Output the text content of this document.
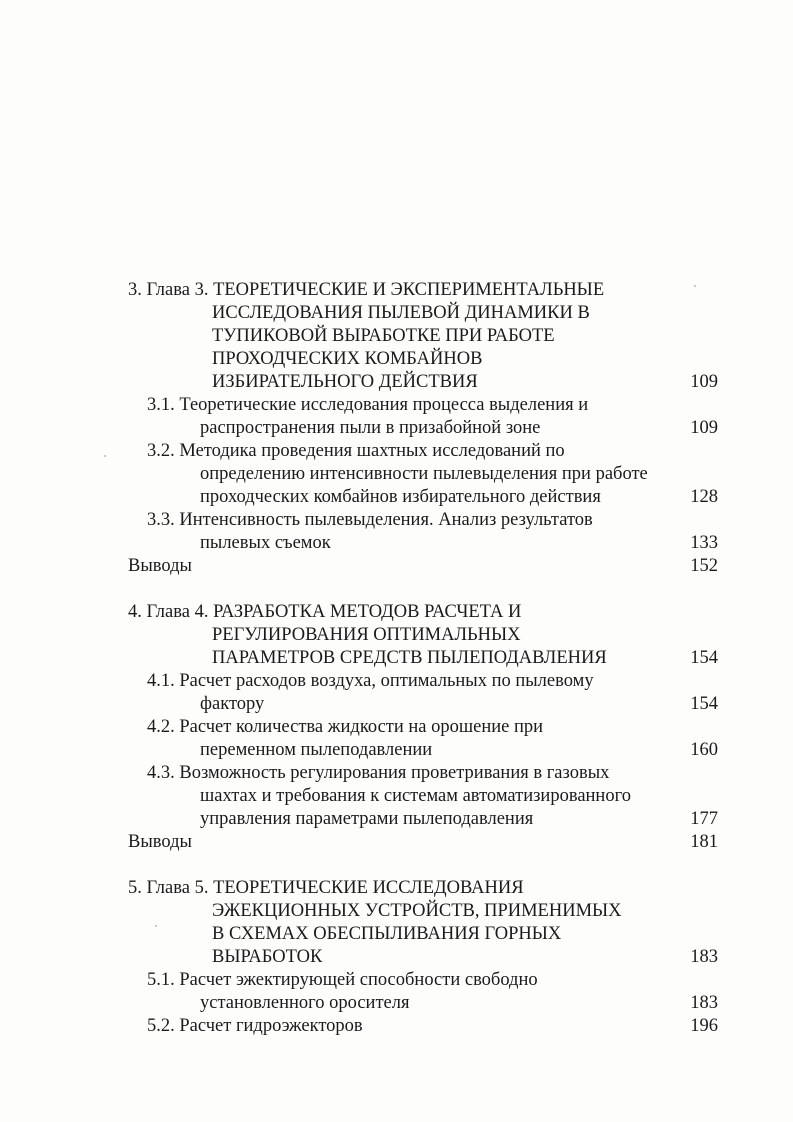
3. Глава 3. ТЕОРЕТИЧЕСКИЕ И ЭКСПЕРИМЕНТАЛЬНЫЕ
ИССЛЕДОВАНИЯ ПЫЛЕВОЙ ДИНАМИКИ В
ТУПИКОВОЙ ВЫРАБОТКЕ ПРИ РАБОТЕ
ПРОХОДЧЕСКИХ КОМБАЙНОВ
ИЗБИРАТЕЛЬНОГО ДЕЙСТВИЯ	109
3.1. Теоретические исследования процесса выделения и
распространения пыли в призабойной зоне	109
3.2. Методика проведения шахтных исследований по
определению интенсивности пылевыделения при работе
проходческих комбайнов избирательного действия	128
3.3. Интенсивность пылевыделения. Анализ результатов
пылевых съемок	133
Выводы	152
4. Глава 4. РАЗРАБОТКА МЕТОДОВ РАСЧЕТА И
РЕГУЛИРОВАНИЯ ОПТИМАЛЬНЫХ
ПАРАМЕТРОВ СРЕДСТВ ПЫЛЕПОДАВЛЕНИЯ	154
4.1. Расчет расходов воздуха, оптимальных по пылевому
фактору	154
4.2. Расчет количества жидкости на орошение при
переменном пылеподавлении	160
4.3. Возможность регулирования проветривания в газовых
шахтах и требования к системам автоматизированного
управления параметрами пылеподавления	177
Выводы	181
5. Глава 5. ТЕОРЕТИЧЕСКИЕ ИССЛЕДОВАНИЯ
ЭЖЕКЦИОННЫХ УСТРОЙСТВ, ПРИМЕНИМЫХ
В СХЕМАХ ОБЕСПЫЛИВАНИЯ ГОРНЫХ
ВЫРАБОТОК	183
5.1. Расчет эжектирующей способности свободно
установленного оросителя	183
5.2. Расчет гидроэжекторов	196
